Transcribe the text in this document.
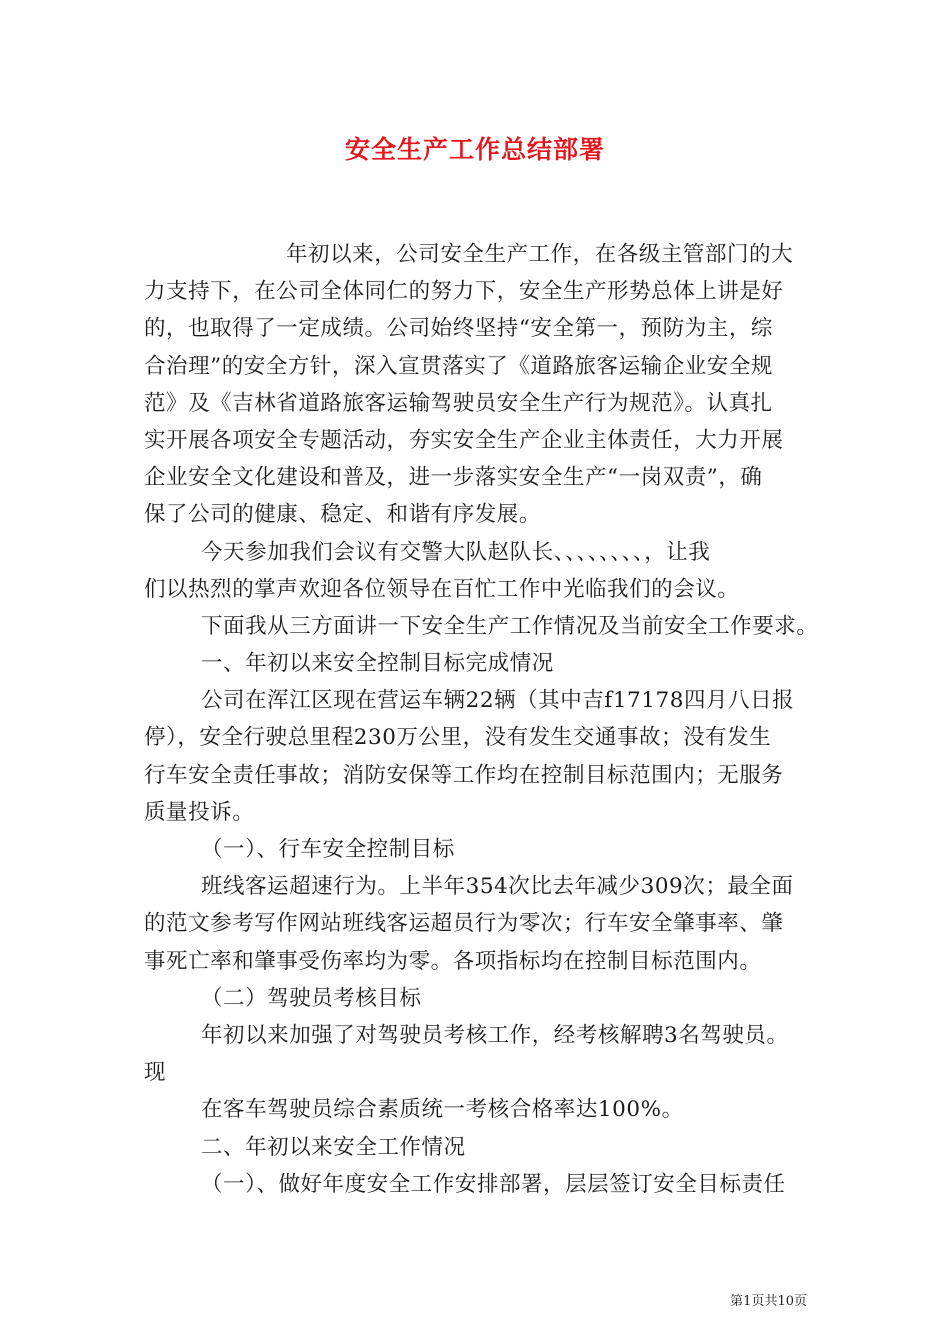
安全生产工作总结部署
年初以来，公司安全生产工作，在各级主管部门的大
力支持下，在公司全体同仁的努力下，安全生产形势总体上讲是好
的，也取得了一定成绩。公司始终坚持“安全第一，预防为主，综
合治理”的安全方针，深入宣贯落实了《道路旅客运输企业安全规
范》及《吉林省道路旅客运输驾驶员安全生产行为规范》。认真扎
实开展各项安全专题活动，夯实安全生产企业主体责任，大力开展
企业安全文化建设和普及，进一步落实安全生产“一岗双责”，确
保了公司的健康、稳定、和谐有序发展。
今天参加我们会议有交警大队赵队长、、、、、、、、，让我
们以热烈的掌声欢迎各位领导在百忙工作中光临我们的会议。
下面我从三方面讲一下安全生产工作情况及当前安全工作要求。
一、年初以来安全控制目标完成情况
公司在浑江区现在营运车辆22辆（其中吉f17178四月八日报
停），安全行驶总里程230万公里，没有发生交通事故；没有发生
行车安全责任事故；消防安保等工作均在控制目标范围内；无服务
质量投诉。
（一）、行车安全控制目标
班线客运超速行为。上半年354次比去年减少309次；最全面
的范文参考写作网站班线客运超员行为零次；行车安全肇事率、肇
事死亡率和肇事受伤率均为零。各项指标均在控制目标范围内。
（二）驾驶员考核目标
年初以来加强了对驾驶员考核工作，经考核解聘3名驾驶员。
现
在客车驾驶员综合素质统一考核合格率达100%。
二、年初以来安全工作情况
（一）、做好年度安全工作安排部署，层层签订安全目标责任
第1页共10页
